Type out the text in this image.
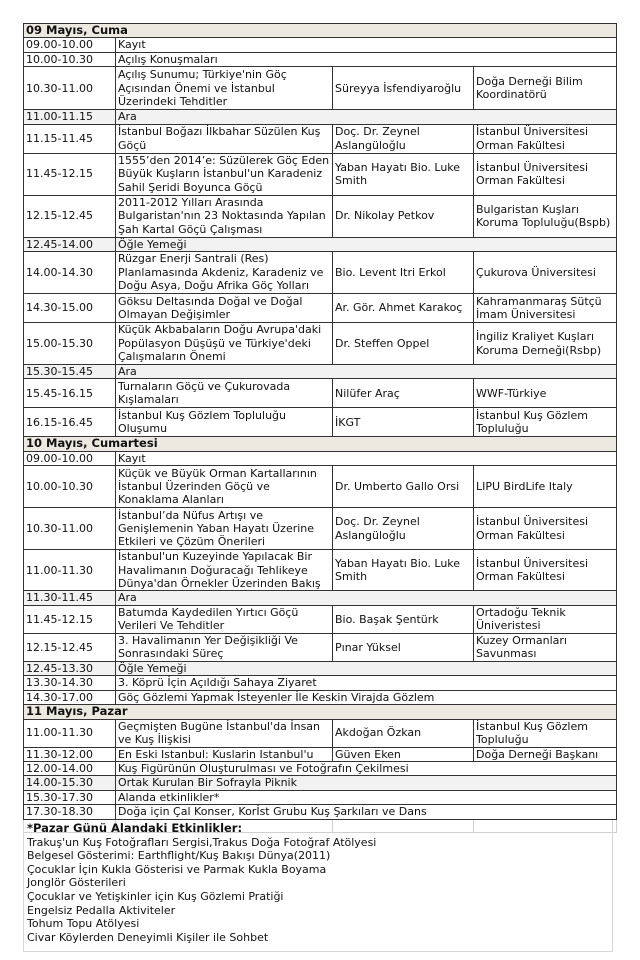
09 Mayıs, Cuma			
09.00-10.00	Kayıt		
10.00-10.30	Açılış Konuşmaları		
10.30-11.00	Açılış Sunumu; Türkiye'nin Göç Açısından Önemi ve İstanbul Üzerindeki Tehditler	Süreyya İsfendiyaroğlu	Doğa Derneği Bilim Koordinatörü
11.00-11.15	Ara		
11.15-11.45	İstanbul Boğazı İlkbahar Süzülen Kuş Göçü	Doç. Dr. Zeynel Aslangüloğlu	İstanbul Üniversitesi Orman Fakültesi
11.45-12.15	1555’den 2014’e: Süzülerek Göç Eden Büyük Kuşların İstanbul'un Karadeniz Sahil Şeridi Boyunca Göçü	Yaban Hayatı Bio. Luke Smith	İstanbul Üniversitesi Orman Fakültesi
12.15-12.45	2011-2012 Yılları Arasında Bulgaristan'nın 23 Noktasında Yapılan Şah Kartal Göçü Çalışması	Dr. Nikolay Petkov	Bulgaristan Kuşları Koruma Topluluğu(Bspb)
12.45-14.00	Öğle Yemeği		
14.00-14.30	Rüzgar Enerji Santrali (Res) Planlamasında Akdeniz, Karadeniz ve Doğu Asya, Doğu Afrika Göç Yolları	Bio. Levent Itri Erkol	Çukurova Üniversitesi
14.30-15.00	Göksu Deltasında Doğal ve Doğal Olmayan Değişimler	Ar. Gör. Ahmet Karakoç	Kahramanmaraş Sütçü İmam Üniversitesi
15.00-15.30	Küçük Akbabaların Doğu Avrupa'daki Popülasyon Düşüşü ve Türkiye'deki Çalışmaların Önemi	Dr. Steffen Oppel	İngiliz Kraliyet Kuşları Koruma Derneği(Rsbp)
15.30-15.45	Ara		
15.45-16.15	Turnaların Göçü ve Çukurovada Kışlamaları	Nilüfer Araç	WWF-Türkiye
16.15-16.45	İstanbul Kuş Gözlem Topluluğu Oluşumu	İKGT	İstanbul Kuş Gözlem Topluluğu
10 Mayıs, Cumartesi			
09.00-10.00	Kayıt		
10.00-10.30	Küçük ve Büyük Orman Kartallarının İstanbul Üzerinden Göçü ve Konaklama Alanları	Dr. Umberto Gallo Orsi	LIPU BirdLife Italy
10.30-11.00	İstanbul’da Nüfus Artışı ve Genişlemenin Yaban Hayatı Üzerine Etkileri ve Çözüm Önerileri	Doç. Dr. Zeynel Aslangüloğlu	İstanbul Üniversitesi Orman Fakültesi
11.00-11.30	İstanbul'un Kuzeyinde Yapılacak Bir Havalimanın Doğuracağı Tehlikeye Dünya'dan Örnekler Üzerinden Bakış	Yaban Hayatı Bio. Luke Smith	İstanbul Üniversitesi Orman Fakültesi
11.30-11.45	Ara		
11.45-12.15	Batumda Kaydedilen Yırtıcı Göçü Verileri Ve Tehditler	Bio. Başak Şentürk	Ortadoğu Teknik Üniveristesi
12.15-12.45	3. Havalimanın Yer Değişikliği Ve Sonrasındaki Süreç	Pınar Yüksel	Kuzey Ormanları Savunması
12.45-13.30	Öğle Yemeği		
13.30-14.30	3. Köprü İçin Açıldığı Sahaya Ziyaret		
14.30-17.00	Göç Gözlemi Yapmak İsteyenler İle Keskin Virajda Gözlem		
11 Mayıs, Pazar			
11.00-11.30	Geçmişten Bugüne İstanbul'da İnsan ve Kuş İlişkisi	Akdoğan Özkan	İstanbul Kuş Gözlem Topluluğu
11.30-12.00	En Eski Istanbul: Kuslarin Istanbul'u	Güven Eken	Doğa Derneği Başkanı
12.00-14.00	Kuş Figürünün Oluşturulması ve Fotoğrafın Çekilmesi		
14.00-15.30	Ortak Kurulan Bir Sofrayla Piknik		
15.30-17.30	Alanda etkinlikler*		
17.30-18.30	Doğa için Çal Konser, Korİst Grubu Kuş Şarkıları ve Dans		

*Pazar Günü Alandaki Etkinlikler:
Trakuş'un Kuş Fotoğrafları Sergisi,Trakus Doğa Fotoğraf Atölyesi
Belgesel Gösterimi: Earthflight/Kuş Bakışı Dünya(2011)
Çocuklar İçin Kukla Gösterisi ve Parmak Kukla Boyama
Jonglör Gösterileri
Çocuklar ve Yetişkinler için Kuş Gözlemi Pratiği
Engelsiz Pedalla Aktiviteler
Tohum Topu Atölyesi
Civar Köylerden Deneyimli Kişiler ile Sohbet
